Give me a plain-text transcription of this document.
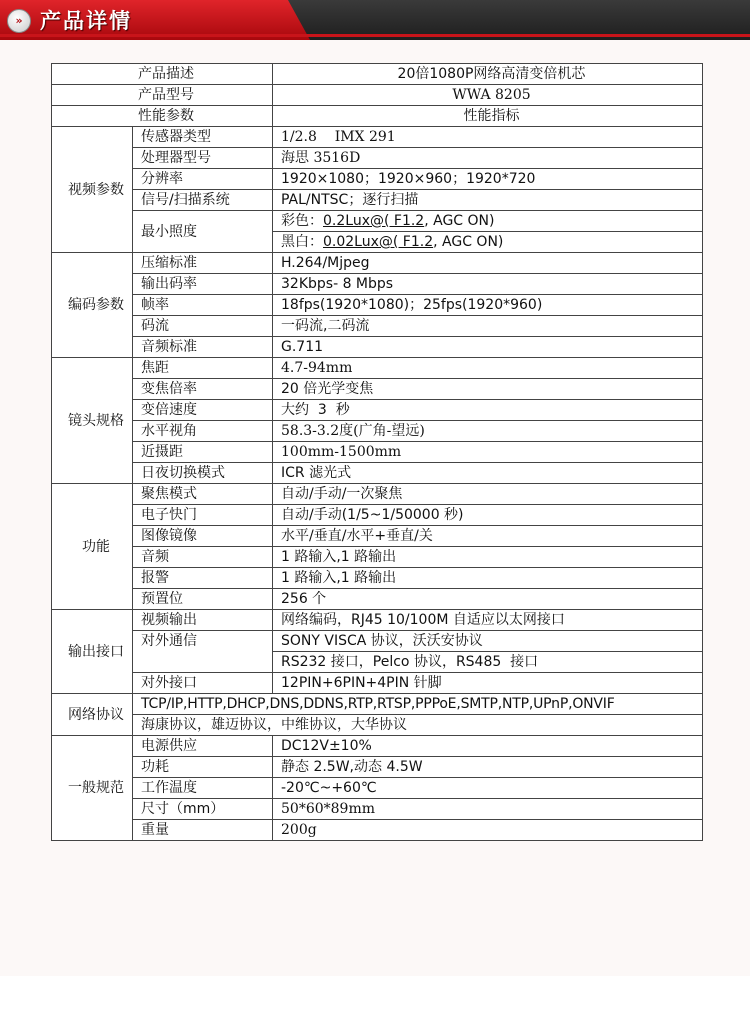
» 产品详情
产品描述		20倍1080P网络高清变倍机芯
产品型号		WWA 8205
性能参数		性能指标
视频参数	传感器类型	1/2.8    IMX 291
	处理器型号	海思 3516D
	分辨率	1920×1080；1920×960；1920*720
	信号/扫描系统	PAL/NTSC；逐行扫描
	最小照度	彩色：0.2Lux@( F1.2, AGC ON)
		黑白：0.02Lux@( F1.2, AGC ON)
编码参数	压缩标准	H.264/Mjpeg
	输出码率	32Kbps- 8 Mbps
	帧率	18fps(1920*1080)；25fps(1920*960)
	码流	一码流,二码流
	音频标准	G.711
镜头规格	焦距	4.7-94mm
	变焦倍率	20 倍光学变焦
	变倍速度	大约  3  秒
	水平视角	58.3-3.2度(广角-望远)
	近摄距	100mm-1500mm
	日夜切换模式	ICR 滤光式
功能	聚焦模式	自动/手动/一次聚焦
	电子快门	自动/手动(1/5~1/50000 秒)
	图像镜像	水平/垂直/水平+垂直/关
	音频	1 路输入,1 路输出
	报警	1 路输入,1 路输出
	预置位	256 个
输出接口	视频输出	网络编码，RJ45 10/100M 自适应以太网接口
	对外通信	SONY VISCA 协议，沃沃安协议
		RS232 接口，Pelco 协议，RS485  接口
	对外接口	12PIN+6PIN+4PIN 针脚
网络协议	TCP/IP,HTTP,DHCP,DNS,DDNS,RTP,RTSP,PPPoE,SMTP,NTP,UPnP,ONVIF	
	海康协议，雄迈协议，中维协议，大华协议	
一般规范	电源供应	DC12V±10%
	功耗	静态 2.5W,动态 4.5W
	工作温度	-20℃~+60℃
	尺寸（mm）	50*60*89mm
	重量	200g
